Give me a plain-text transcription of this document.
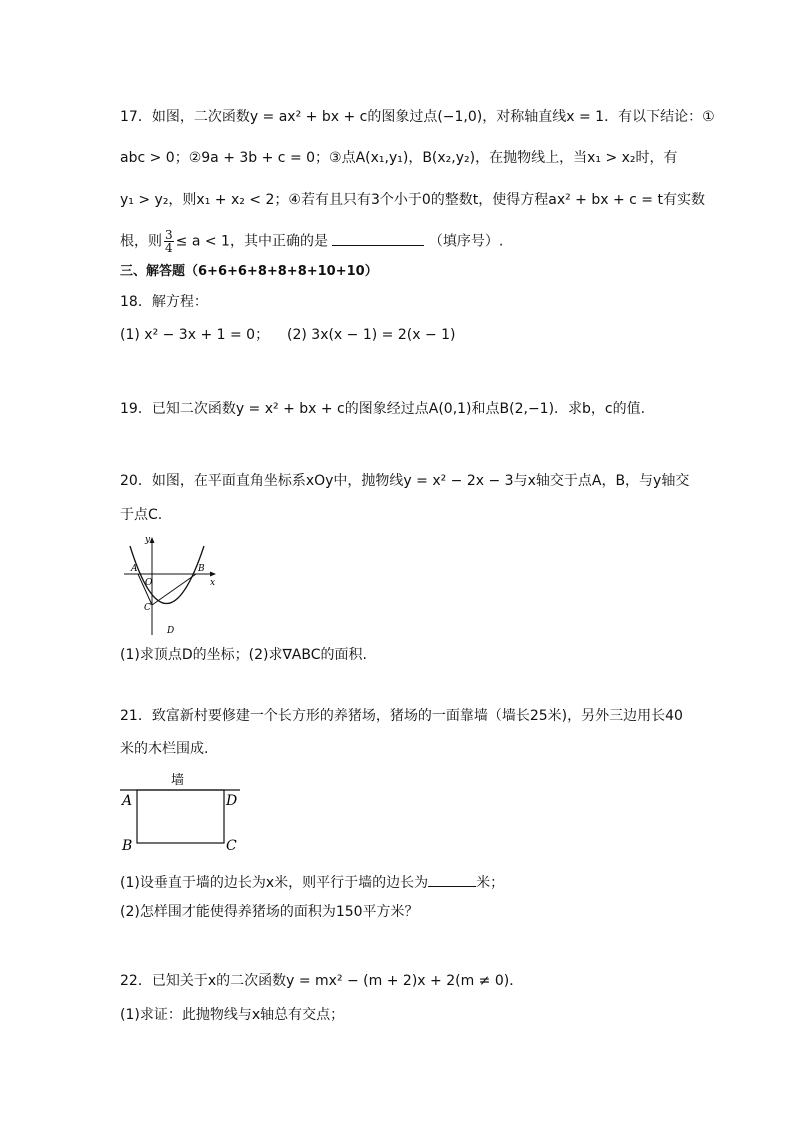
17．如图，二次函数y = ax² + bx + c的图象过点(−1,0)，对称轴直线x = 1．有以下结论：①
abc > 0；②9a + 3b + c = 0；③点A(x₁,y₁)，B(x₂,y₂)，在抛物线上，当x₁ > x₂时，有
y₁ > y₂，则x₁ + x₂ < 2；④若有且只有3个小于0的整数t，使得方程ax² + bx + c = t有实数
根，则 $\frac{3}{4} \le a < 1$，其中正确的是	（填序号）.
三、解答题（6+6+6+8+8+8+10+10）
18．解方程：
(1) x² − 3x + 1 = 0； (2) 3x(x − 1) = 2(x − 1)
19．已知二次函数y = x² + bx + c的图象经过点A(0,1)和点B(2,−1)．求b，c的值.
20．如图，在平面直角坐标系xOy中，抛物线y = x² − 2x − 3与x轴交于点A，B，与y轴交
于点C.
y
x
A
O
B
C
D
(1)求顶点D的坐标；(2)求∇ABC的面积.
21．致富新村要修建一个长方形的养猪场，猪场的一面靠墙（墙长25米)，另外三边用长40
米的木栏围成.
墙
A	D
B	C
(1)设垂直于墙的边长为x米，则平行于墙的边长为	米；
(2)怎样围才能使得养猪场的面积为150平方米？
22．已知关于x的二次函数y = mx² − (m + 2)x + 2(m ≠ 0)．
(1)求证：此抛物线与x轴总有交点；
